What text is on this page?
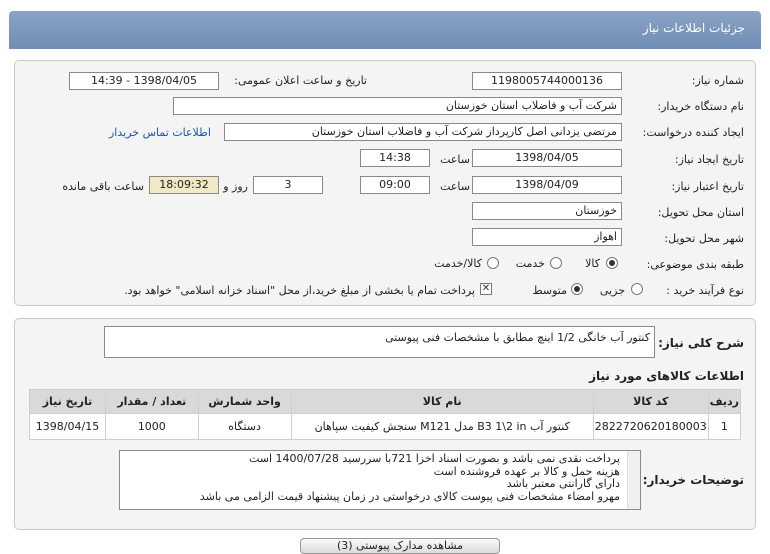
جزئیات اطلاعات نیاز
شماره نیاز:
1198005744000136
تاریخ و ساعت اعلان عمومی:
1398/04/05 - 14:39
نام دستگاه خریدار:
شرکت آب و فاضلاب استان خوزستان
ایجاد کننده درخواست:
مرتضی یزدانی اصل کارپرداز شرکت آب و فاضلاب استان خوزستان
اطلاعات تماس خریدار
تاریخ ایجاد نیاز:
1398/04/05
ساعت
14:38
تاریخ اعتبار نیاز:
1398/04/09
ساعت
09:00
3
روز و
18:09:32
ساعت باقی مانده
استان محل تحویل:
خوزستان
شهر محل تحویل:
اهواز
طبقه بندی موضوعی:
کالا
خدمت
کالا/خدمت
نوع فرآیند خرید :
جزیی
متوسط
✕
پرداخت تمام یا بخشی از مبلغ خرید،از محل "اسناد خزانه اسلامی" خواهد بود.
شرح کلی نیاز:
کنتور آب خانگی 1/2 اینچ مطابق با مشخصات فنی پیوستی
اطلاعات کالاهای مورد نیاز
ردیف	کد کالا	نام کالا	واحد شمارش	تعداد / مقدار	تاریخ نیاز
1	2822720620180003	کنتور آب B3 1\2 in مدل M121 سنجش کیفیت سپاهان	دستگاه	1000	1398/04/15
توضیحات خریدار:
پرداخت نقدی نمی باشد و بصورت اسناد اخزا 721با سررسید 1400/07/28 است
هزینه حمل و کالا بر عهده فروشنده است
دارای گارانتی معتبر باشد
مهرو امضاء مشخصات فنی پیوست کالای درخواستی در زمان پیشنهاد قیمت الزامی می باشد
مشاهده مدارک پیوستی (3)
